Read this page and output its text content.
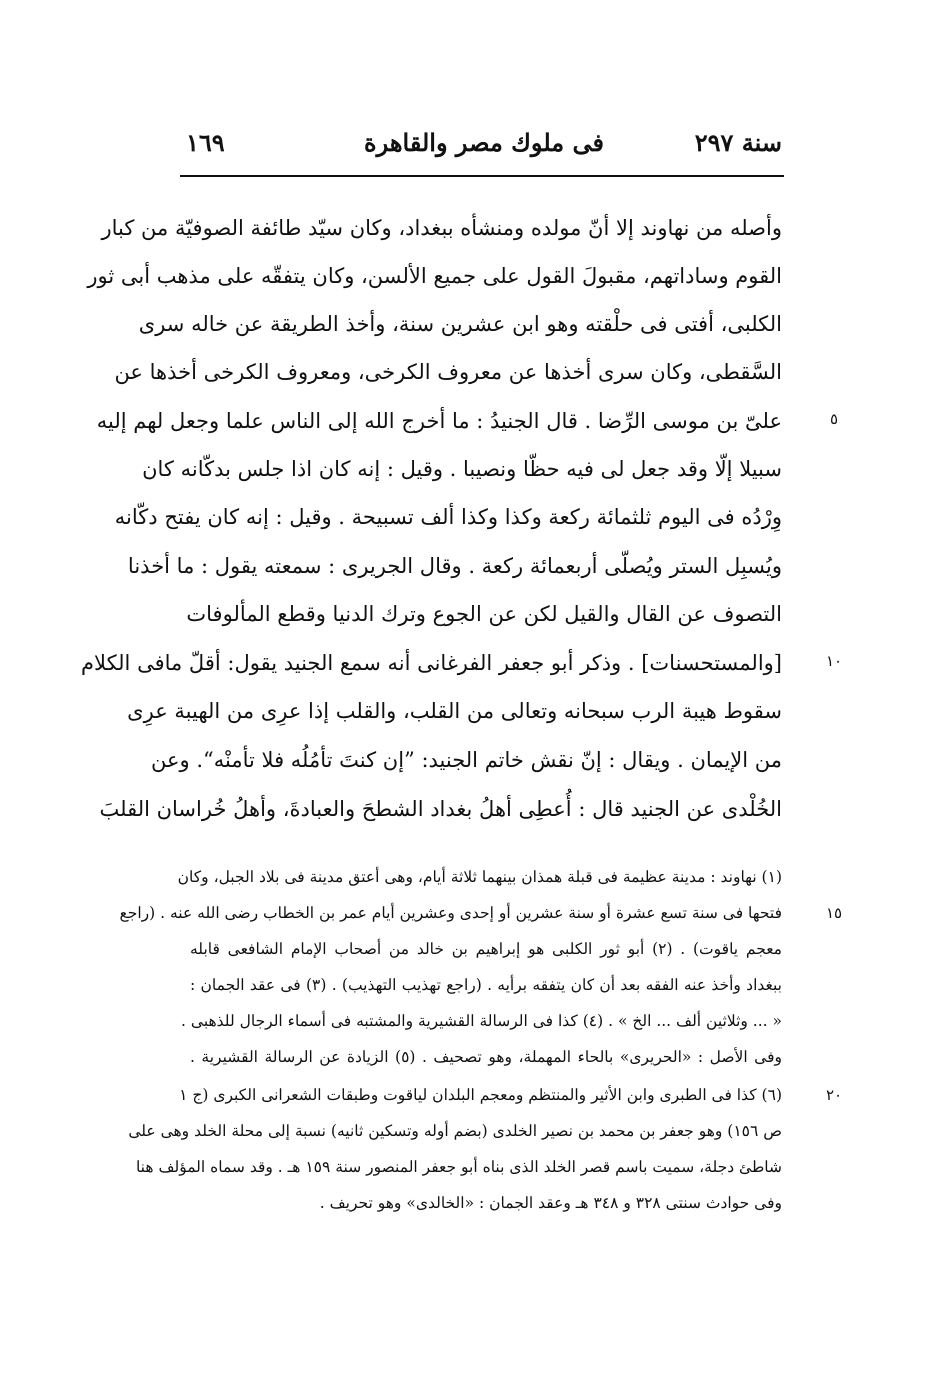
سنة ٢٩٧
فى ملوك مصر والقاهرة
١٦٩
وأصله من نهاوند إلا أنّ مولده ومنشأه ببغداد، وكان سيّد طائفة الصوفيّة من كبار
القوم وساداتهم، مقبولَ القول على جميع الألسن، وكان يتفقّه على مذهب أبى ثور
الكلبى، أفتى فى حلْقته وهو ابن عشرين سنة، وأخذ الطريقة عن خاله سرى
السَّقطى، وكان سرى أخذها عن معروف الكرخى، ومعروف الكرخى أخذها عن
علىّ بن موسى الرِّضا . قال الجنيدُ : ما أخرج الله إلى الناس علما وجعل لهم إليه
سبيلا إلّا وقد جعل لى فيه حظّا ونصيبا . وقيل : إنه كان اذا جلس بدكّانه كان
وِرْدُه فى اليوم ثلثمائة ركعة وكذا وكذا ألف تسبيحة . وقيل : إنه كان يفتح دكّانه
ويُسبِل الستر ويُصلّى أربعمائة ركعة . وقال الجريرى : سمعته يقول : ما أخذنا
التصوف عن القال والقيل لكن عن الجوع وترك الدنيا وقطع المألوفات
[والمستحسنات] . وذكر أبو جعفر الفرغانى أنه سمع الجنيد يقول: أقلّ مافى الكلام
سقوط هيبة الرب سبحانه وتعالى من القلب، والقلب إذا عرِى من الهيبة عرِى
من الإيمان . ويقال : إنّ نقش خاتم الجنيد: ”إن كنتَ تأمُلُه فلا تأمنْه“. وعن
الخُلْدى عن الجنيد قال : أُعطِى أهلُ بغداد الشطحَ والعبادةَ، وأهلُ خُراسان القلبَ
٥
١٠
(١) نهاوند : مدينة عظيمة فى قبلة همذان بينهما ثلاثة أيام، وهى أعتق مدينة فى بلاد الجبل، وكان
فتحها فى سنة تسع عشرة أو سنة عشرين أو إحدى وعشرين أيام عمر بن الخطاب رضى الله عنه . (راجع
معجم ياقوت) . (٢) أبو ثور الكلبى هو إبراهيم بن خالد من أصحاب الإمام الشافعى قابله
ببغداد وأخذ عنه الفقه بعد أن كان يتفقه برأيه . (راجع تهذيب التهذيب) . (٣) فى عقد الجمان :
« ... وثلاثين ألف ... الخ » . (٤) كذا فى الرسالة القشيرية والمشتبه فى أسماء الرجال للذهبى .
وفى الأصل : «الحريرى» بالحاء المهملة، وهو تصحيف . (٥) الزيادة عن الرسالة القشيرية .
(٦) كذا فى الطبرى وابن الأثير والمنتظم ومعجم البلدان لياقوت وطبقات الشعرانى الكبرى (ج ١
ص ١٥٦) وهو جعفر بن محمد بن نصير الخلدى (بضم أوله وتسكين ثانيه) نسبة إلى محلة الخلد وهى على
شاطئ دجلة، سميت باسم قصر الخلد الذى بناه أبو جعفر المنصور سنة ١٥٩ هـ . وقد سماه المؤلف هنا
وفى حوادث سنتى ٣٢٨ و ٣٤٨ هـ وعقد الجمان : «الخالدى» وهو تحريف .
١٥
٢٠
